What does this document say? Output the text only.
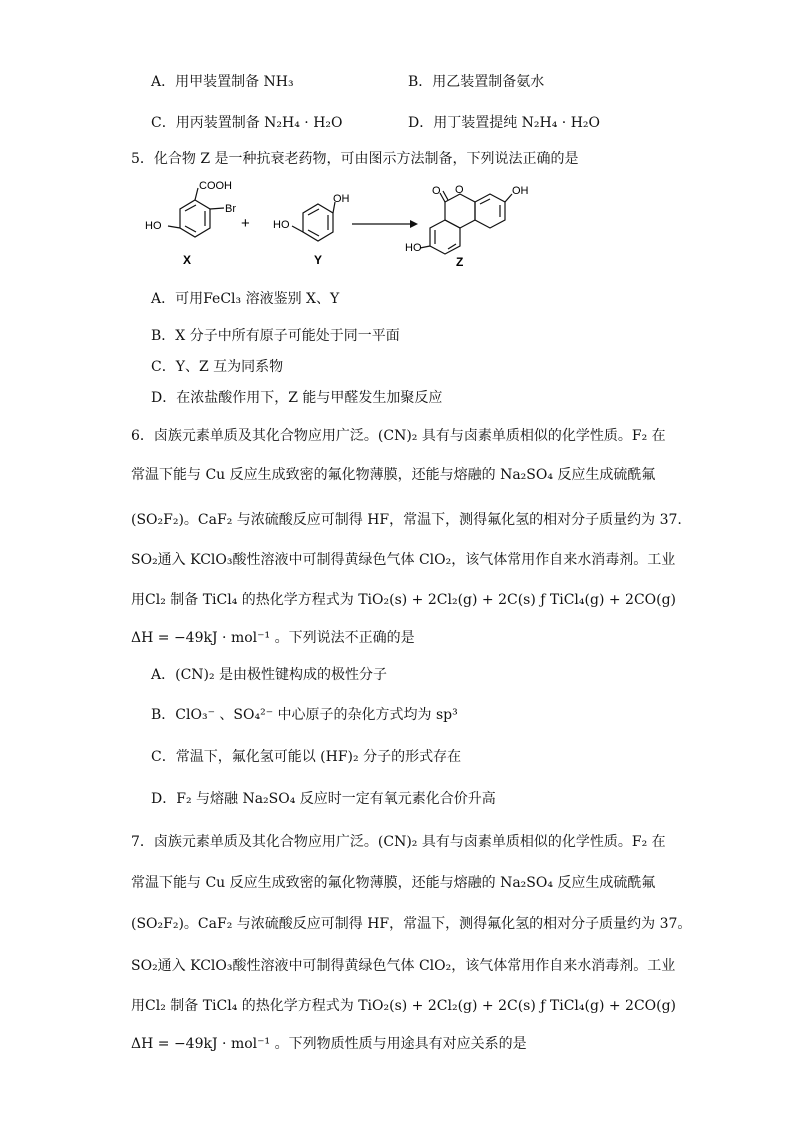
A．用甲装置制备 NH₃	B．用乙装置制备氨水
C．用丙装置制备 N₂H₄ · H₂O	D．用丁装置提纯 N₂H₄ · H₂O
5．化合物 Z 是一种抗衰老药物，可由图示方法制备，下列说法正确的是
COOH
Br
HO	+
OH
HO
O O	OH
HO
X	Y	Z
A．可用FeCl₃ 溶液鉴别 X、Y
B．X 分子中所有原子可能处于同一平面
C．Y、Z 互为同系物
D．在浓盐酸作用下，Z 能与甲醛发生加聚反应
6．卤族元素单质及其化合物应用广泛。(CN)₂ 具有与卤素单质相似的化学性质。F₂ 在
常温下能与 Cu 反应生成致密的氟化物薄膜，还能与熔融的 Na₂SO₄ 反应生成硫酰氟
(SO₂F₂)。CaF₂ 与浓硫酸反应可制得 HF，常温下，测得氟化氢的相对分子质量约为 37.
SO₂通入 KClO₃酸性溶液中可制得黄绿色气体 ClO₂，该气体常用作自来水消毒剂。工业
用Cl₂ 制备 TiCl₄ 的热化学方程式为 TiO₂(s) + 2Cl₂(g) + 2C(s) ƒ TiCl₄(g) + 2CO(g)
ΔH = −49kJ · mol⁻¹ 。下列说法不正确的是
A．(CN)₂ 是由极性键构成的极性分子
B．ClO₃⁻ 、SO₄²⁻ 中心原子的杂化方式均为 sp³
C．常温下，氟化氢可能以 (HF)₂ 分子的形式存在
D．F₂ 与熔融 Na₂SO₄ 反应时一定有氧元素化合价升高
7．卤族元素单质及其化合物应用广泛。(CN)₂ 具有与卤素单质相似的化学性质。F₂ 在
常温下能与 Cu 反应生成致密的氟化物薄膜，还能与熔融的 Na₂SO₄ 反应生成硫酰氟
(SO₂F₂)。CaF₂ 与浓硫酸反应可制得 HF，常温下，测得氟化氢的相对分子质量约为 37。
SO₂通入 KClO₃酸性溶液中可制得黄绿色气体 ClO₂，该气体常用作自来水消毒剂。工业
用Cl₂ 制备 TiCl₄ 的热化学方程式为 TiO₂(s) + 2Cl₂(g) + 2C(s) ƒ TiCl₄(g) + 2CO(g)
ΔH = −49kJ · mol⁻¹ 。下列物质性质与用途具有对应关系的是
